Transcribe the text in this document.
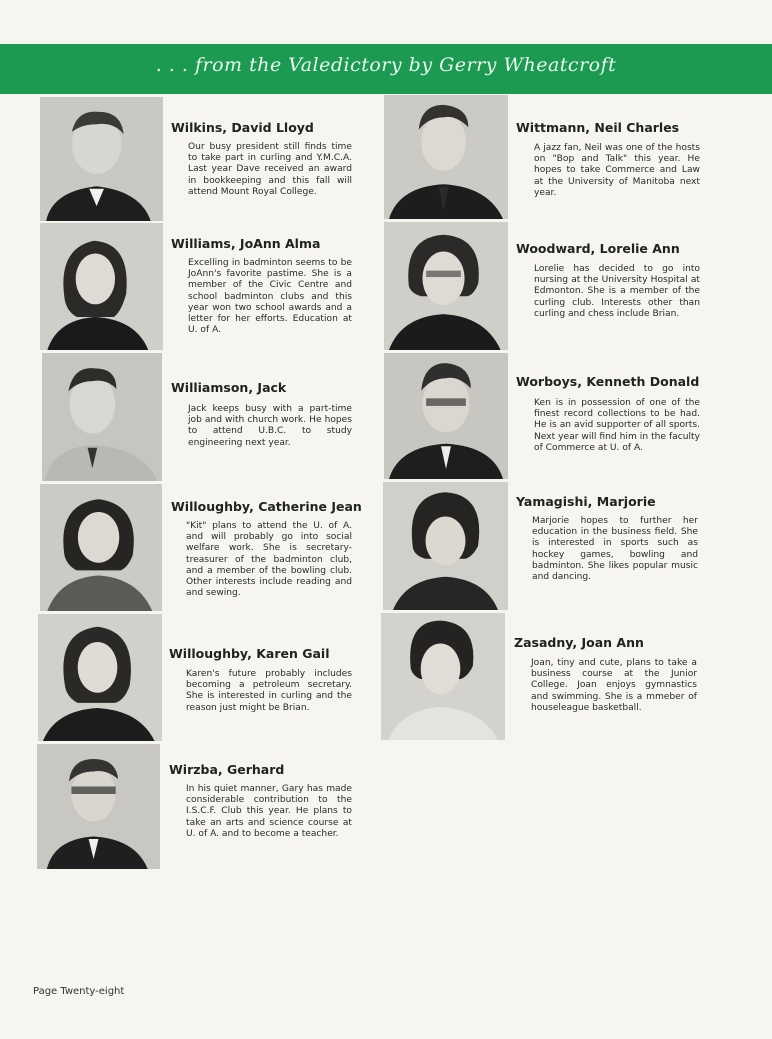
. . . from the Valedictory by Gerry Wheatcroft
Wilkins, David Lloyd
Our busy president still finds time to take part in curling and Y.M.C.A. Last year Dave received an award in bookkeeping and this fall will attend Mount Royal College.
Williams, JoAnn Alma
Excelling in badminton seems to be JoAnn's favorite pastime. She is a member of the Civic Centre and school badminton clubs and this year won two school awards and a letter for her efforts. Education at U. of A.
Williamson, Jack
Jack keeps busy with a part-time job and with church work. He hopes to attend U.B.C. to study engineering next year.
Willoughby, Catherine Jean
"Kit" plans to attend the U. of A. and will probably go into social welfare work. She is secretary-treasurer of the badminton club, and a member of the bowling club. Other interests include reading and and sewing.
Willoughby, Karen Gail
Karen's future probably includes becoming a petroleum secretary. She is interested in curling and the reason just might be Brian.
Wirzba, Gerhard
In his quiet manner, Gary has made considerable contribution to the I.S.C.F. Club this year. He plans to take an arts and science course at U. of A. and to become a teacher.
Wittmann, Neil Charles
A jazz fan, Neil was one of the hosts on "Bop and Talk" this year. He hopes to take Commerce and Law at the University of Manitoba next year.
Woodward, Lorelie Ann
Lorelie has decided to go into nursing at the University Hospital at Edmonton. She is a member of the curling club. Interests other than curling and chess include Brian.
Worboys, Kenneth Donald
Ken is in possession of one of the finest record collections to be had. He is an avid supporter of all sports. Next year will find him in the faculty of Commerce at U. of A.
Yamagishi, Marjorie
Marjorie hopes to further her education in the business field. She is interested in sports such as hockey games, bowling and badminton. She likes popular music and dancing.
Zasadny, Joan Ann
Joan, tiny and cute, plans to take a business course at the Junior College. Joan enjoys gymnastics and swimming. She is a mmeber of houseleague basketball.
Page Twenty-eight
